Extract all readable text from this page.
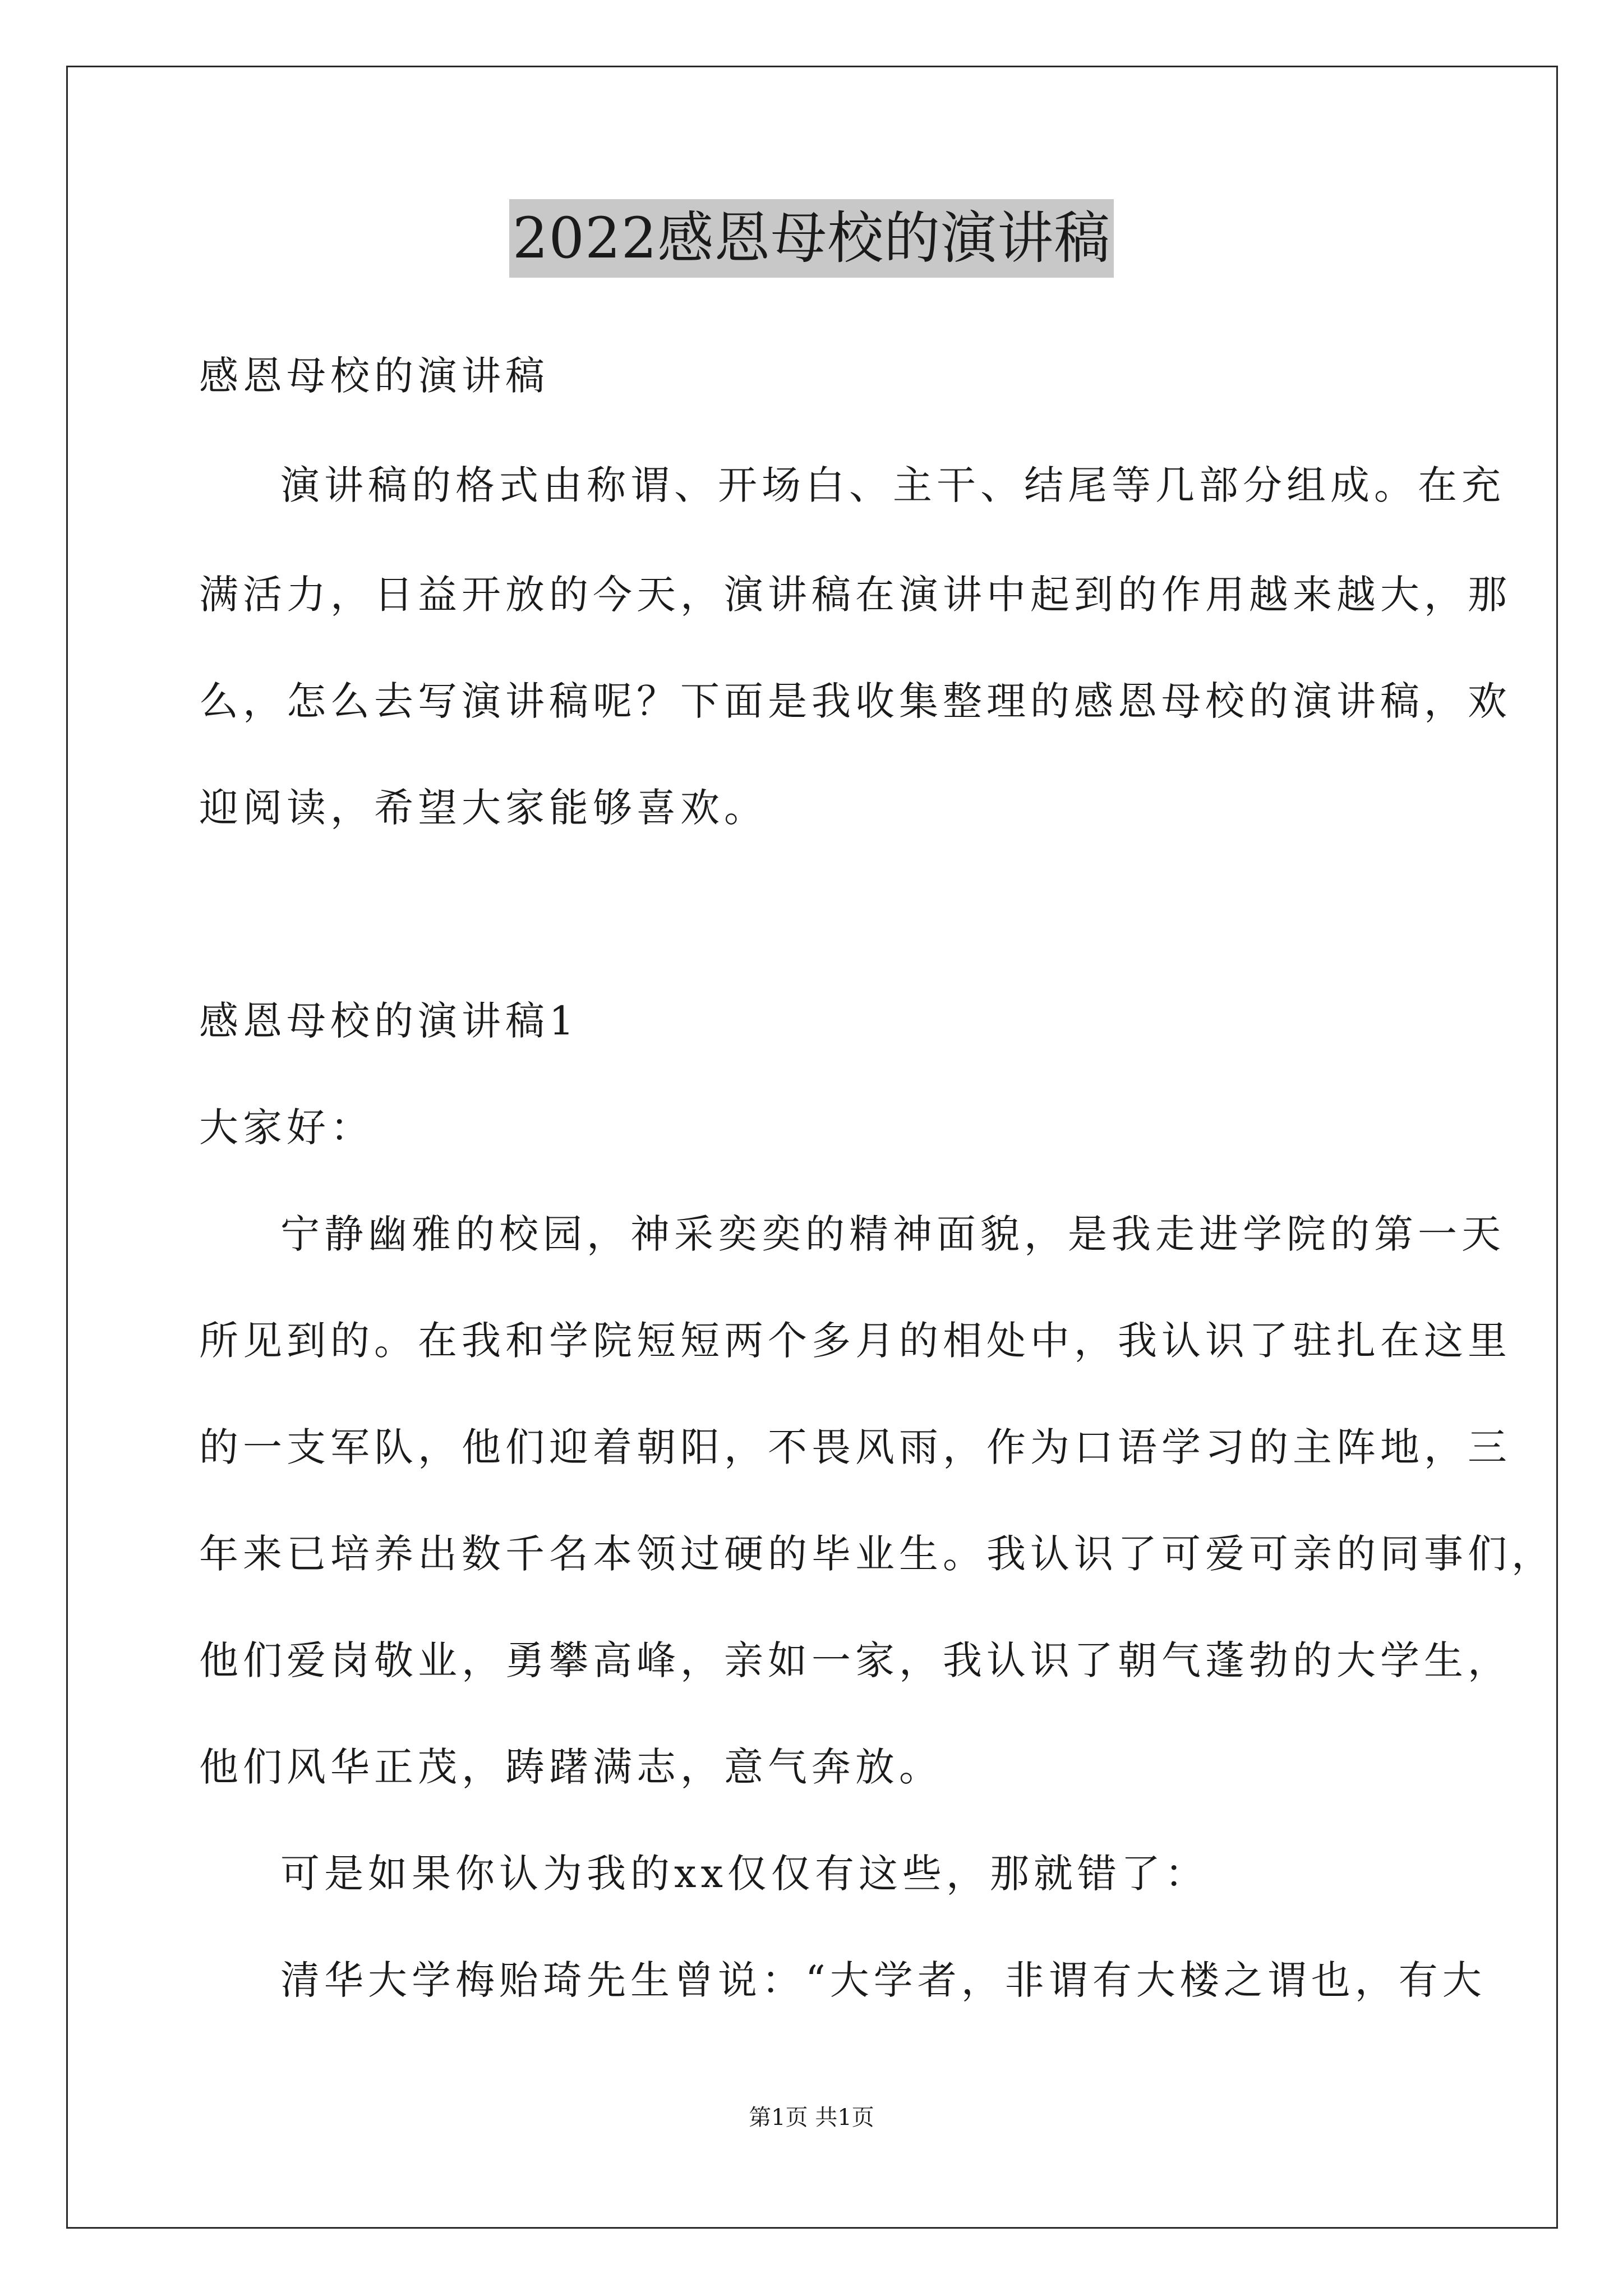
2022感恩母校的演讲稿
感恩母校的演讲稿
演讲稿的格式由称谓、开场白、主干、结尾等几部分组成。在充
满活力，日益开放的今天，演讲稿在演讲中起到的作用越来越大，那
么，怎么去写演讲稿呢？下面是我收集整理的感恩母校的演讲稿，欢
迎阅读，希望大家能够喜欢。
感恩母校的演讲稿1
大家好：
宁静幽雅的校园，神采奕奕的精神面貌，是我走进学院的第一天
所见到的。在我和学院短短两个多月的相处中，我认识了驻扎在这里
的一支军队，他们迎着朝阳，不畏风雨，作为口语学习的主阵地，三
年来已培养出数千名本领过硬的毕业生。我认识了可爱可亲的同事们，
他们爱岗敬业，勇攀高峰，亲如一家，我认识了朝气蓬勃的大学生，
他们风华正茂，踌躇满志，意气奔放。
可是如果你认为我的xx仅仅有这些，那就错了：
清华大学梅贻琦先生曾说：“大学者，非谓有大楼之谓也，有大
第1页 共1页
